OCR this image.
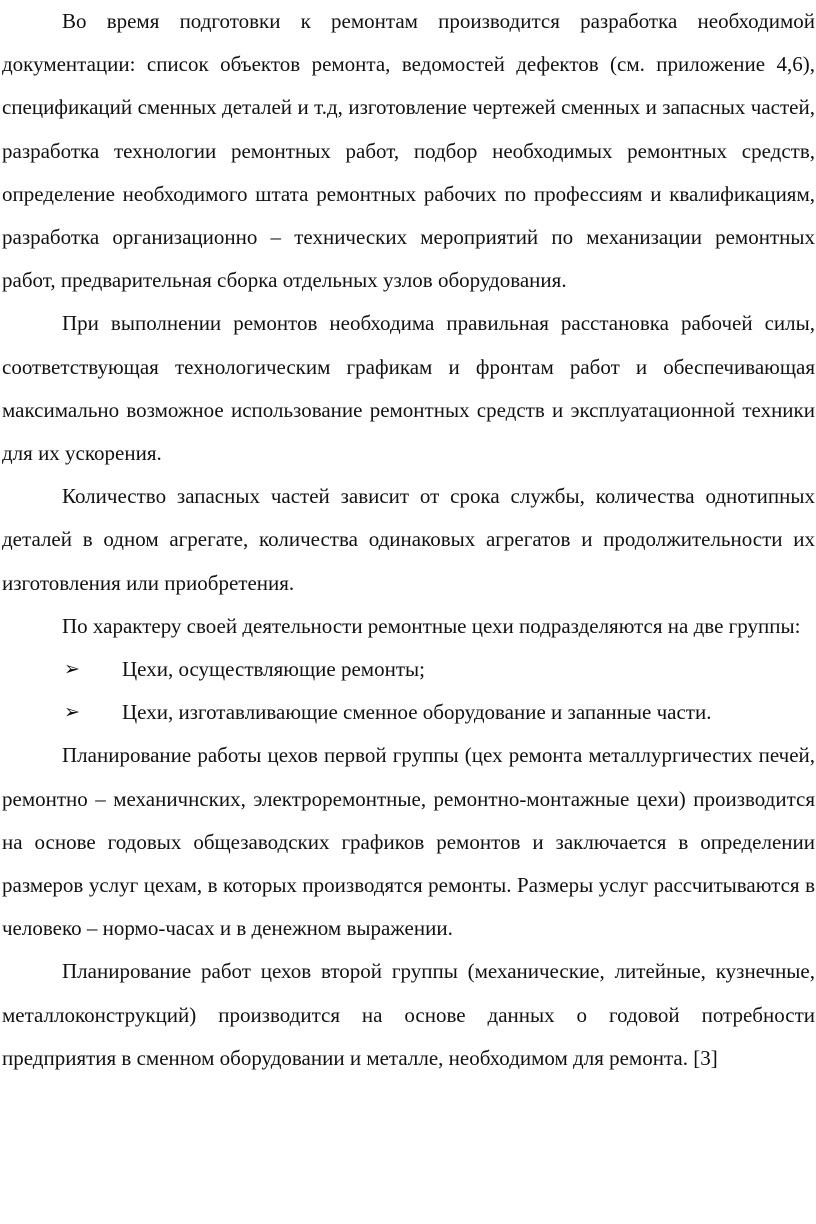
Во время подготовки к ремонтам производится разработка необходимой документации: список объектов ремонта, ведомостей дефектов (см. приложение 4,6), спецификаций сменных деталей и т.д, изготовление чертежей сменных и запасных частей, разработка технологии ремонтных работ, подбор необходимых ремонтных средств, определение необходимого штата ремонтных рабочих по профессиям и квалификациям, разработка организационно – технических мероприятий по механизации ремонтных работ, предварительная сборка отдельных узлов оборудования.

При выполнении ремонтов необходима правильная расстановка рабочей силы, соответствующая технологическим графикам и фронтам работ и обеспечивающая максимально возможное использование ремонтных средств и эксплуатационной техники для их ускорения.

Количество запасных частей зависит от срока службы, количества однотипных деталей в одном агрегате, количества одинаковых агрегатов и продолжительности их изготовления или приобретения.

По характеру своей деятельности ремонтные цехи подразделяются на две группы:

➢ Цехи, осуществляющие ремонты;
➢ Цехи, изготавливающие сменное оборудование и запанные части.

Планирование работы цехов первой группы (цех ремонта металлургичестих печей, ремонтно – механичнских, электроремонтные, ремонтно-монтажные цехи) производится на основе годовых общезаводских графиков ремонтов и заключается в определении размеров услуг цехам, в которых производятся ремонты. Размеры услуг рассчитываются в человеко – нормо-часах и в денежном выражении.

Планирование работ цехов второй группы (механические, литейные, кузнечные, металлоконструкций) производится на основе данных о годовой потребности предприятия в сменном оборудовании и металле, необходимом для ремонта. [3]
